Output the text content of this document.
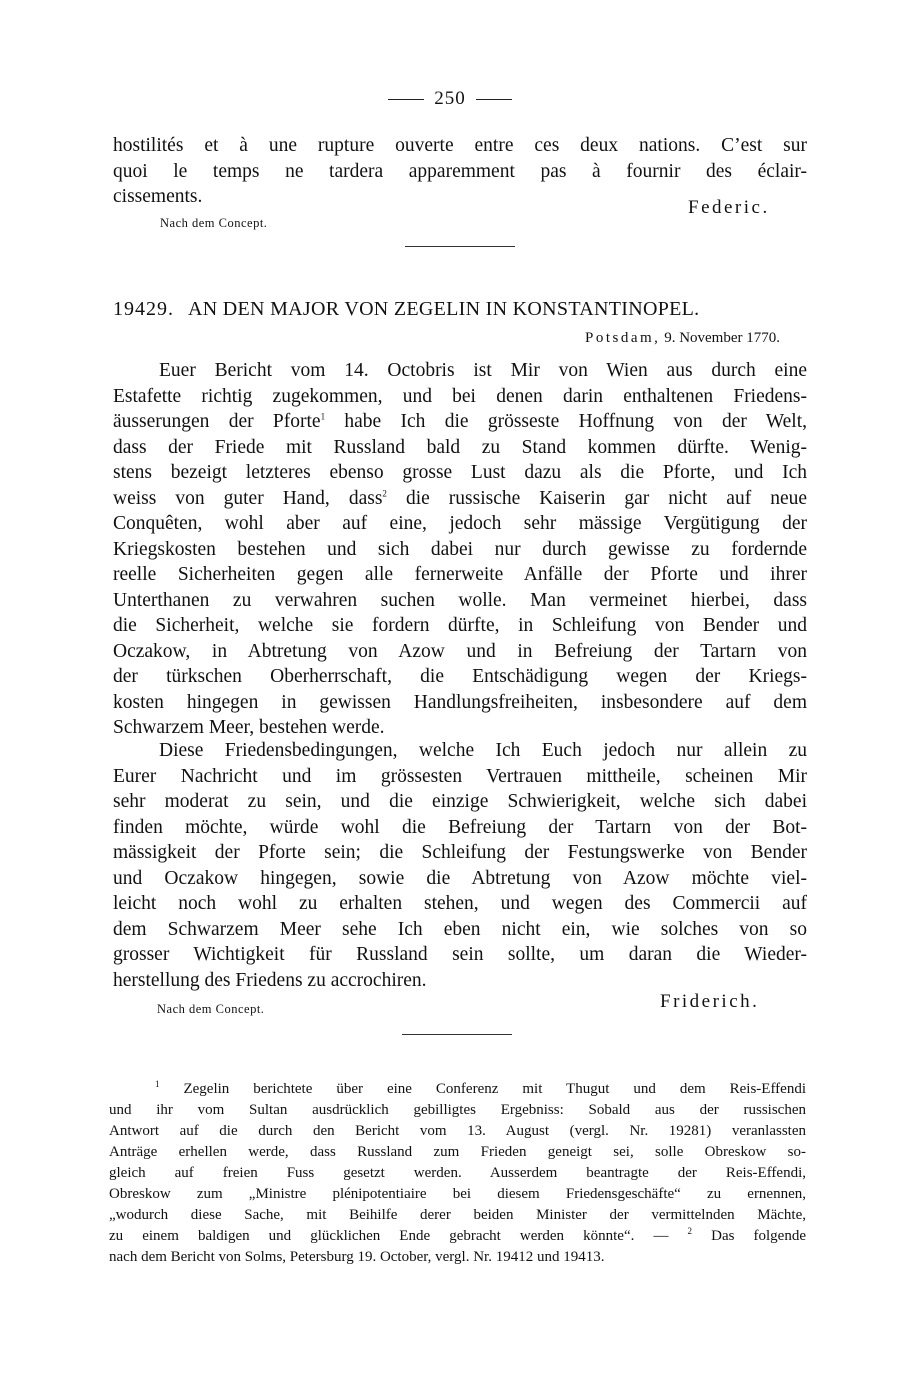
250
hostilités et à une rupture ouverte entre ces deux nations. C’est sur
quoi le temps ne tardera apparemment pas à fournir des éclair-
cissements.
Federic.
Nach dem Concept.
19429. AN DEN MAJOR VON ZEGELIN IN KONSTANTINOPEL.
Potsdam, 9. November 1770.
Euer Bericht vom 14. Octobris ist Mir von Wien aus durch eine
Estafette richtig zugekommen, und bei denen darin enthaltenen Friedens-
äusserungen der Pforte$^1$ habe Ich die grösseste Hoffnung von der Welt,
dass der Friede mit Russland bald zu Stand kommen dürfte. Wenig-
stens bezeigt letzteres ebenso grosse Lust dazu als die Pforte, und Ich
weiss von guter Hand, dass$^2$ die russische Kaiserin gar nicht auf neue
Conquêten, wohl aber auf eine, jedoch sehr mässige Vergütigung der
Kriegskosten bestehen und sich dabei nur durch gewisse zu fordernde
reelle Sicherheiten gegen alle fernerweite Anfälle der Pforte und ihrer
Unterthanen zu verwahren suchen wolle. Man vermeinet hierbei, dass
die Sicherheit, welche sie fordern dürfte, in Schleifung von Bender und
Oczakow, in Abtretung von Azow und in Befreiung der Tartarn von
der türkschen Oberherrschaft, die Entschädigung wegen der Kriegs-
kosten hingegen in gewissen Handlungsfreiheiten, insbesondere auf dem
Schwarzem Meer, bestehen werde.
Diese Friedensbedingungen, welche Ich Euch jedoch nur allein zu
Eurer Nachricht und im grössesten Vertrauen mittheile, scheinen Mir
sehr moderat zu sein, und die einzige Schwierigkeit, welche sich dabei
finden möchte, würde wohl die Befreiung der Tartarn von der Bot-
mässigkeit der Pforte sein; die Schleifung der Festungswerke von Bender
und Oczakow hingegen, sowie die Abtretung von Azow möchte viel-
leicht noch wohl zu erhalten stehen, und wegen des Commercii auf
dem Schwarzem Meer sehe Ich eben nicht ein, wie solches von so
grosser Wichtigkeit für Russland sein sollte, um daran die Wieder-
herstellung des Friedens zu accrochiren.
Friderich.
Nach dem Concept.
$^1$ Zegelin berichtete über eine Conferenz mit Thugut und dem Reis-Effendi
und ihr vom Sultan ausdrücklich gebilligtes Ergebniss: Sobald aus der russischen
Antwort auf die durch den Bericht vom 13. August (vergl. Nr. 19281) veranlassten
Anträge erhellen werde, dass Russland zum Frieden geneigt sei, solle Obreskow so-
gleich auf freien Fuss gesetzt werden. Ausserdem beantragte der Reis-Effendi,
Obreskow zum „Ministre plénipotentiaire bei diesem Friedensgeschäfte“ zu ernennen,
„wodurch diese Sache, mit Beihilfe derer beiden Minister der vermittelnden Mächte,
zu einem baldigen und glücklichen Ende gebracht werden könnte“. — $^2$ Das folgende
nach dem Bericht von Solms, Petersburg 19. October, vergl. Nr. 19412 und 19413.
